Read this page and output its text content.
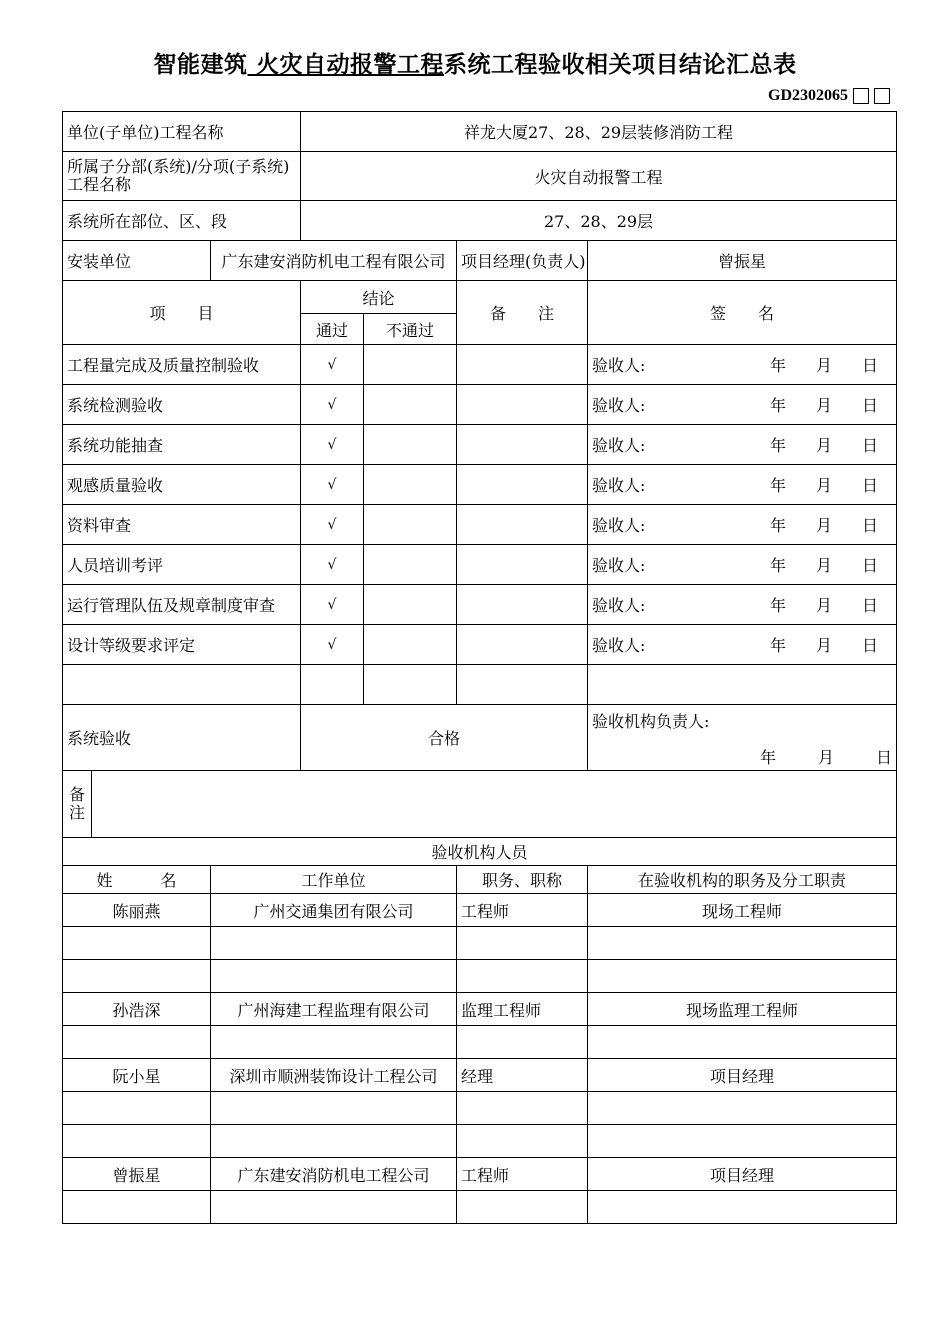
智能建筑 火灾自动报警工程系统工程验收相关项目结论汇总表
GD2302065
单位(子单位)工程名称		祥龙大厦27、28、29层装修消防工程			
所属子分部(系统)/分项(子系统)工程名称		火灾自动报警工程			
系统所在部位、区、段		27、28、29层			
安装单位	广东建安消防机电工程有限公司			项目经理(负责人)	曾振星
项　　目		结论		备　　注	签　　名
		通过	不通过		
工程量完成及质量控制验收		√			验收人: 年 月 日

系统检测验收		√			验收人: 年 月 日

系统功能抽查		√			验收人: 年 月 日

观感质量验收		√			验收人: 年 月 日

资料审查		√			验收人: 年 月 日

人员培训考评		√			验收人: 年 月 日

运行管理队伍及规章制度审查		√			验收人: 年 月 日

设计等级要求评定		√			验收人: 年 月 日

系统验收		合格			验收机构负责人:
年 月 日

备注					

验收机构人员					
姓　　　名	工作单位			职务、职称	在验收机构的职务及分工职责
陈丽燕	广州交通集团有限公司			工程师	现场工程师

孙浩深	广州海建工程监理有限公司			监理工程师	现场监理工程师

阮小星	深圳市顺洲装饰设计工程公司			经理	项目经理

曾振星	广东建安消防机电工程公司			工程师	项目经理
